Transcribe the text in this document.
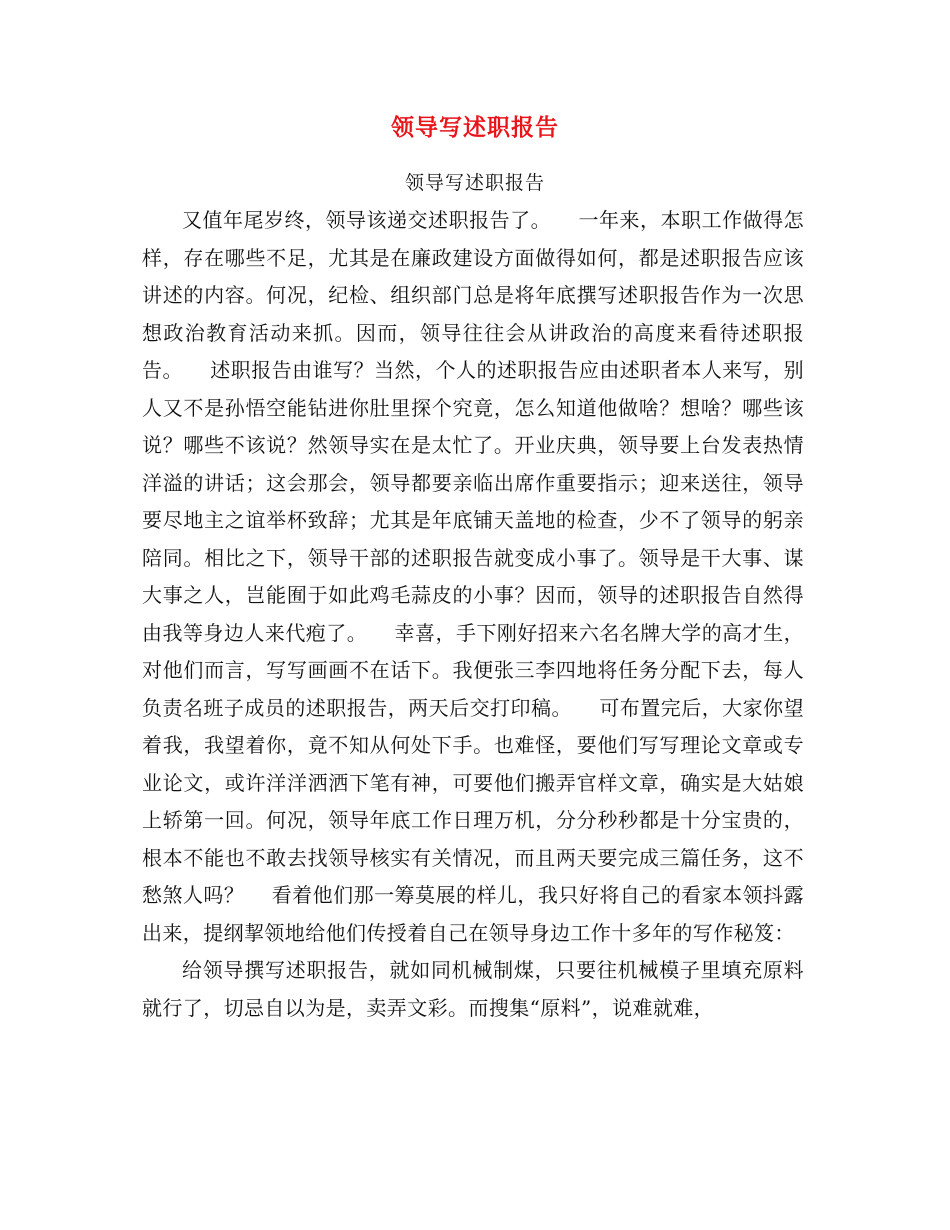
领导写述职报告
领导写述职报告

又值年尾岁终，领导该递交述职报告了。    一年来，本职工作做得怎样，存在哪些不足，尤其是在廉政建设方面做得如何，都是述职报告应该讲述的内容。何况，纪检、组织部门总是将年底撰写述职报告作为一次思想政治教育活动来抓。因而，领导往往会从讲政治的高度来看待述职报告。    述职报告由谁写？当然，个人的述职报告应由述职者本人来写，别人又不是孙悟空能钻进你肚里探个究竟，怎么知道他做啥？想啥？哪些该说？哪些不该说？然领导实在是太忙了。开业庆典，领导要上台发表热情洋溢的讲话；这会那会，领导都要亲临出席作重要指示；迎来送往，领导要尽地主之谊举杯致辞；尤其是年底铺天盖地的检查，少不了领导的躬亲陪同。相比之下，领导干部的述职报告就变成小事了。领导是干大事、谋大事之人，岂能囿于如此鸡毛蒜皮的小事？因而，领导的述职报告自然得由我等身边人来代疱了。    幸喜，手下刚好招来六名名牌大学的高才生，对他们而言，写写画画不在话下。我便张三李四地将任务分配下去，每人负责名班子成员的述职报告，两天后交打印稿。    可布置完后，大家你望着我，我望着你，竟不知从何处下手。也难怪，要他们写写理论文章或专业论文，或许洋洋洒洒下笔有神，可要他们搬弄官样文章，确实是大姑娘上轿第一回。何况，领导年底工作日理万机，分分秒秒都是十分宝贵的，根本不能也不敢去找领导核实有关情况，而且两天要完成三篇任务，这不愁煞人吗？    看着他们那一筹莫展的样儿，我只好将自己的看家本领抖露出来，提纲挈领地给他们传授着自己在领导身边工作十多年的写作秘笈：

给领导撰写述职报告，就如同机械制煤，只要往机械模子里填充原料就行了，切忌自以为是，卖弄文彩。而搜集“原料”，说难就难，
